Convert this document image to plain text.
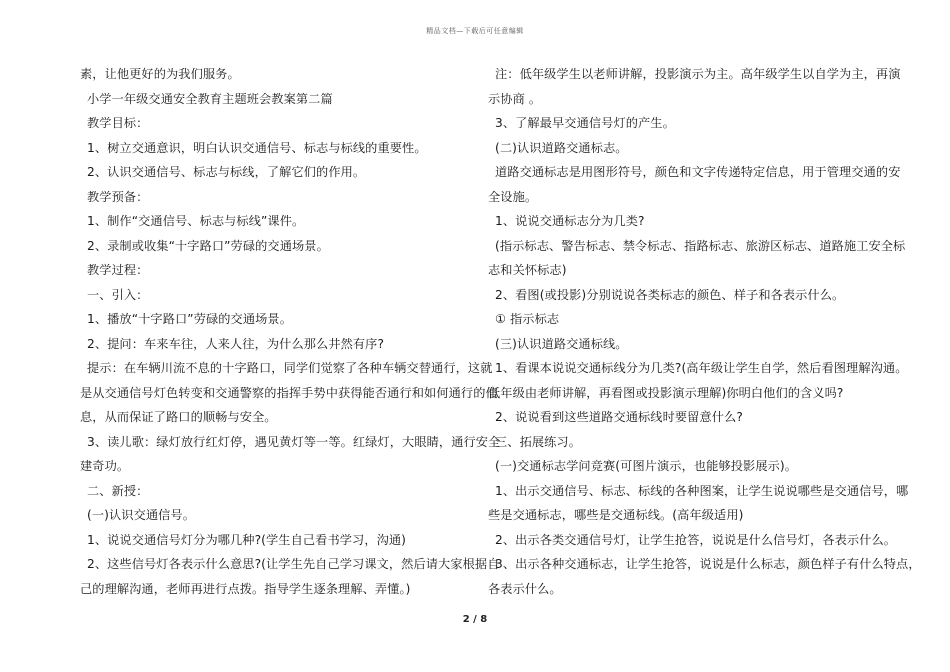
精品文档—下载后可任意编辑
素，让他更好的为我们服务。
小学一年级交通安全教育主题班会教案第二篇
教学目标：
1、树立交通意识，明白认识交通信号、标志与标线的重要性。
2、认识交通信号、标志与标线，了解它们的作用。
教学预备：
1、制作“交通信号、标志与标线”课件。
2、录制或收集“十字路口”劳碌的交通场景。
教学过程：
一、引入：
1、播放“十字路口”劳碌的交通场景。
2、提问：车来车往，人来人往，为什么那么井然有序?
提示：在车辆川流不息的十字路口，同学们觉察了各种车辆交替通行，这就
是从交通信号灯色转变和交通警察的指挥手势中获得能否通行和如何通行的信
息，从而保证了路口的顺畅与安全。
3、读儿歌：绿灯放行红灯停，遇见黄灯等一等。红绿灯，大眼睛，通行安全
建奇功。
二、新授：
(一)认识交通信号。
1、说说交通信号灯分为哪几种?(学生自己看书学习，沟通)
2、这些信号灯各表示什么意思?(让学生先自己学习课文，然后请大家根据自
己的理解沟通，老师再进行点拨。指导学生逐条理解、弄懂。)
注：低年级学生以老师讲解，投影演示为主。高年级学生以自学为主，再演
示协商 。
3、了解最早交通信号灯的产生。
(二)认识道路交通标志。
道路交通标志是用图形符号，颜色和文字传递特定信息，用于管理交通的安
全设施。
1、说说交通标志分为几类?
(指示标志、警告标志、禁令标志、指路标志、旅游区标志、道路施工安全标
志和关怀标志)
2、看图(或投影)分别说说各类标志的颜色、样子和各表示什么。
① 指示标志
(三)认识道路交通标线。
1、看课本说说交通标线分为几类?(高年级让学生自学，然后看图理解沟通。
低年级由老师讲解，再看图或投影演示理解)你明白他们的含义吗?
2、说说看到这些道路交通标线时要留意什么?
三、拓展练习。
(一)交通标志学问竞赛(可图片演示，也能够投影展示)。
1、出示交通信号、标志、标线的各种图案，让学生说说哪些是交通信号，哪
些是交通标志，哪些是交通标线。(高年级适用)
2、出示各类交通信号灯，让学生抢答，说说是什么信号灯，各表示什么。
3、出示各种交通标志，让学生抢答，说说是什么标志，颜色样子有什么特点，
各表示什么。
2 / 8
